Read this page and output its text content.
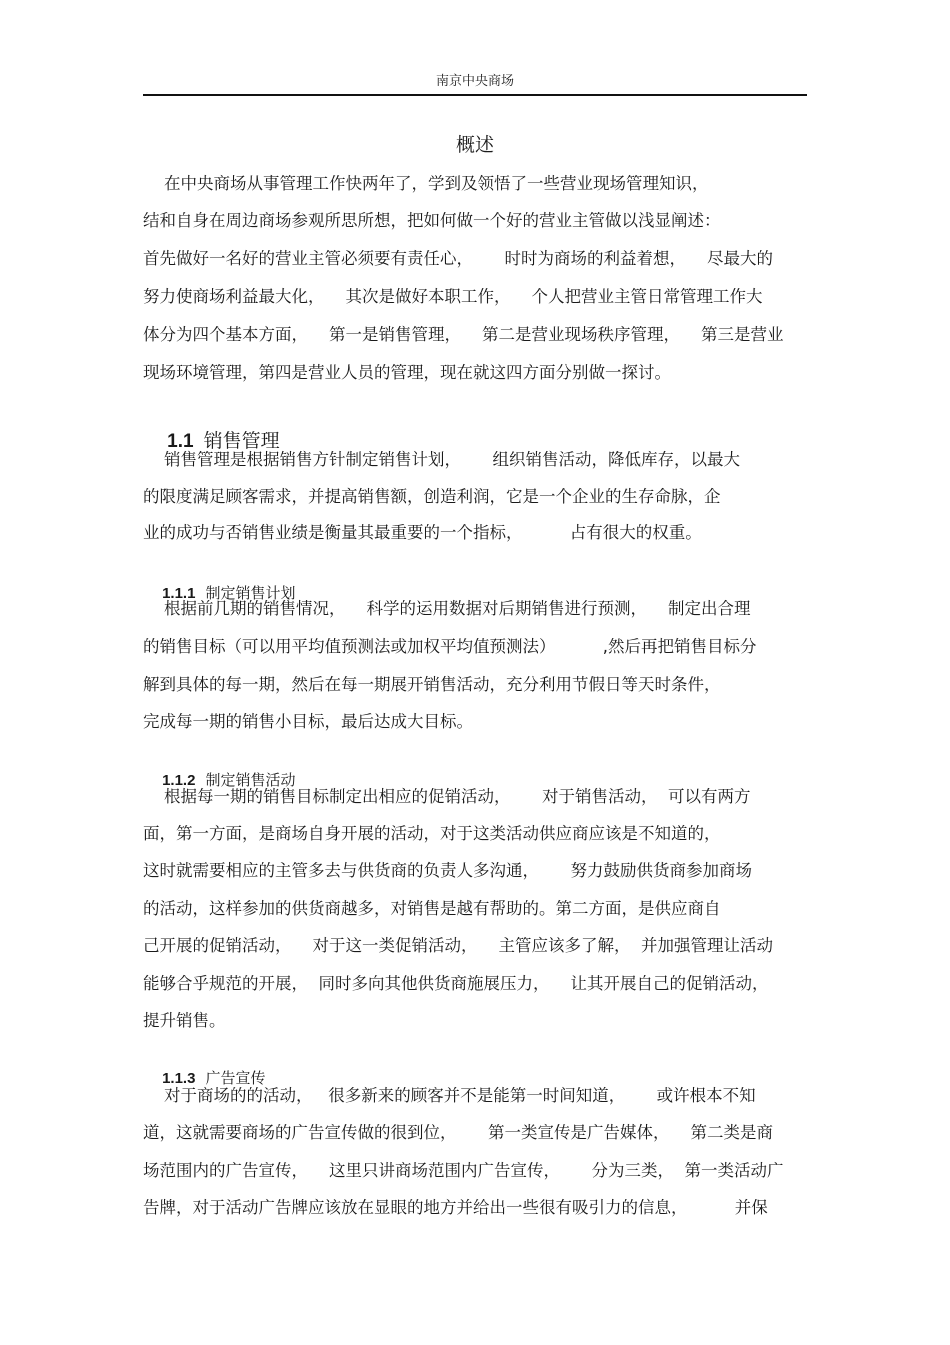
南京中央商场
概述
在中央商场从事管理工作快两年了，学到及领悟了一些营业现场管理知识，
结和自身在周边商场参观所思所想，把如何做一个好的营业主管做以浅显阐述：
首先做好一名好的营业主管必须要有责任心，      时时为商场的利益着想，    尽最大的
努力使商场利益最大化，    其次是做好本职工作，    个人把营业主管日常管理工作大
体分为四个基本方面，    第一是销售管理，    第二是营业现场秩序管理，    第三是营业
现场环境管理，第四是营业人员的管理，现在就这四方面分别做一探讨。

1.1 销售管理

销售管理是根据销售方针制定销售计划，      组织销售活动，降低库存，以最大
的限度满足顾客需求，并提高销售额，创造利润，它是一个企业的生存命脉，企
业的成功与否销售业绩是衡量其最重要的一个指标，         占有很大的权重。

1.1.1 制定销售计划

根据前几期的销售情况，    科学的运用数据对后期销售进行预测，    制定出合理
的销售目标（可以用平均值预测法或加权平均值预测法）         ,然后再把销售目标分
解到具体的每一期，然后在每一期展开销售活动，充分利用节假日等天时条件，
完成每一期的销售小目标，最后达成大目标。

1.1.2 制定销售活动

根据每一期的销售目标制定出相应的促销活动，      对于销售活动，  可以有两方
面，第一方面，是商场自身开展的活动，对于这类活动供应商应该是不知道的，
这时就需要相应的主管多去与供货商的负责人多沟通，      努力鼓励供货商参加商场
的活动，这样参加的供货商越多，对销售是越有帮助的。第二方面，是供应商自
己开展的促销活动，    对于这一类促销活动，    主管应该多了解，  并加强管理让活动
能够合乎规范的开展，  同时多向其他供货商施展压力，    让其开展自己的促销活动，
提升销售。

1.1.3 广告宣传

对于商场的的活动，   很多新来的顾客并不是能第一时间知道，      或许根本不知
道，这就需要商场的广告宣传做的很到位，      第一类宣传是广告媒体，    第二类是商
场范围内的广告宣传，    这里只讲商场范围内广告宣传，      分为三类，  第一类活动广
告牌，对于活动广告牌应该放在显眼的地方并给出一些很有吸引力的信息，         并保
